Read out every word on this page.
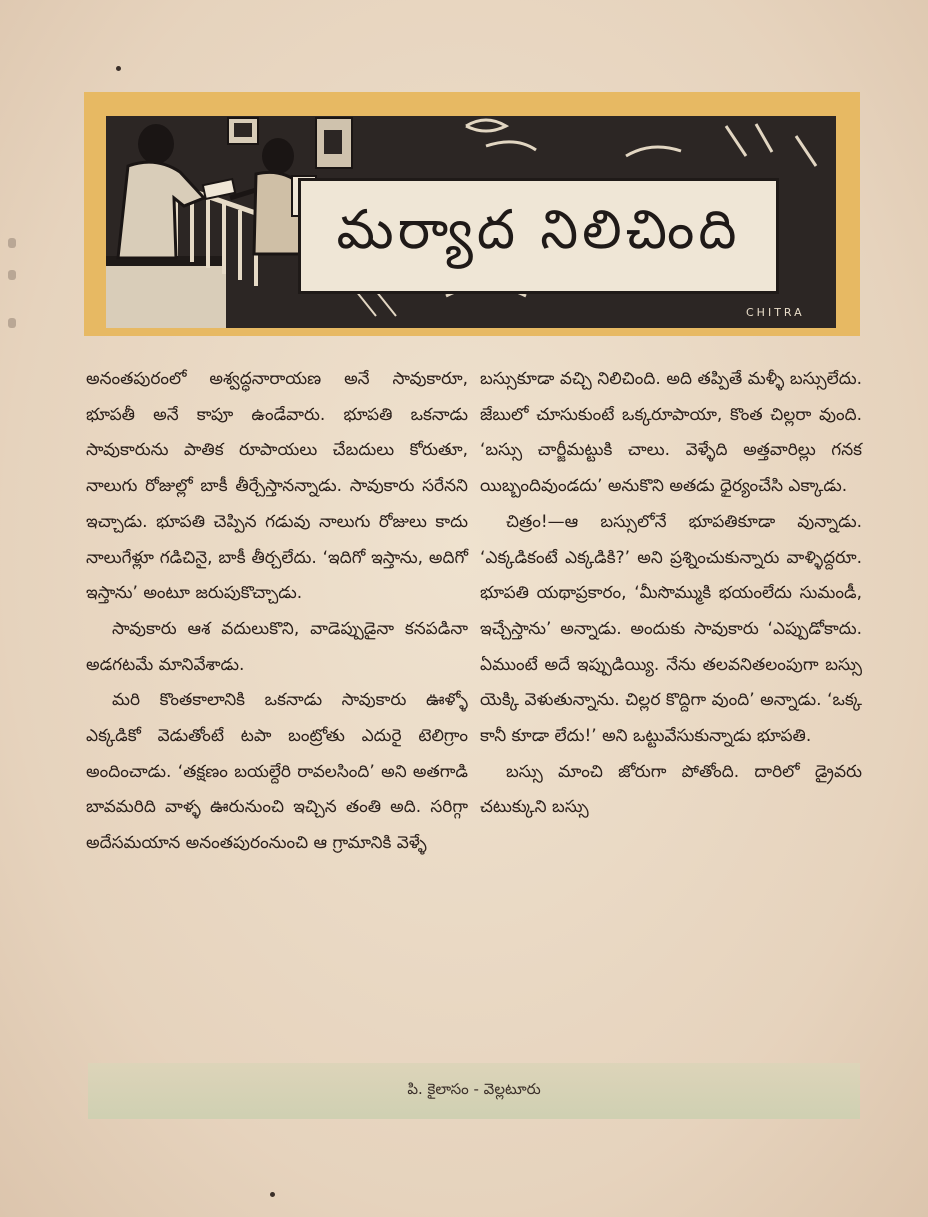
మర్యాద నిలిచింది
CHITRA

అనంతపురంలో అశ్వద్ధనారాయణ అనే సావుకారూ, భూపతీ అనే కాపూ ఉండేవారు. భూపతి ఒకనాడు సావుకారును పాతిక రూపాయలు చేబదులు కోరుతూ, నాలుగు రోజుల్లో బాకీ తీర్చేస్తానన్నాడు. సావుకారు సరేనని ఇచ్చాడు. భూపతి చెప్పిన గడువు నాలుగు రోజులు కాదు నాలుగేళ్లూ గడిచినై, బాకీ తీర్చలేదు. ‘ఇదిగో ఇస్తాను, అదిగో ఇస్తాను’ అంటూ జరుపుకొచ్చాడు.

సావుకారు ఆశ వదులుకొని, వాడెప్పుడైనా కనపడినా అడగటమే మానివేశాడు.

మరి కొంతకాలానికి ఒకనాడు సావుకారు ఊళ్ళో ఎక్కడికో వెడుతోంటే టపా బంట్రోతు ఎదురై టెలిగ్రాం అందించాడు. ‘తక్షణం బయల్దేరి రావలసింది’ అని అతగాడి బావమరిది వాళ్ళ ఊరునుంచి ఇచ్చిన తంతి అది. సరిగ్గా అదేసమయాన అనంతపురంనుంచి ఆ గ్రామానికి వెళ్ళే

బస్సుకూడా వచ్చి నిలిచింది. అది తప్పితే మళ్ళీ బస్సులేదు. జేబులో చూసుకుంటే ఒక్కరూపాయా, కొంత చిల్లరా వుంది. ‘బస్సు చార్జీమట్టుకి చాలు. వెళ్ళేది అత్తవారిల్లు గనక యిబ్బందివుండదు’ అనుకొని అతడు ధైర్యంచేసి ఎక్కాడు.

చిత్రం!—ఆ బస్సులోనే భూపతికూడా వున్నాడు. ‘ఎక్కడికంటే ఎక్కడికి?’ అని ప్రశ్నించుకున్నారు వాళ్ళిద్దరూ. భూపతి యథాప్రకారం, ‘మీసొమ్ముకి భయంలేదు సుమండీ, ఇచ్చేస్తాను’ అన్నాడు. అందుకు సావుకారు ‘ఎప్పుడోకాదు. ఏముంటే అదే ఇప్పుడియ్యి. నేను తలవనితలంపుగా బస్సు యెక్కి వెళుతున్నాను. చిల్లర కొద్దిగా వుంది’ అన్నాడు. ‘ఒక్క కానీ కూడా లేదు!’ అని ఒట్టువేసుకున్నాడు భూపతి.

బస్సు మాంచి జోరుగా పోతోంది. దారిలో డ్రైవరు చటుక్కుని బస్సు

పి. కైలాసం - వెల్లటూరు
